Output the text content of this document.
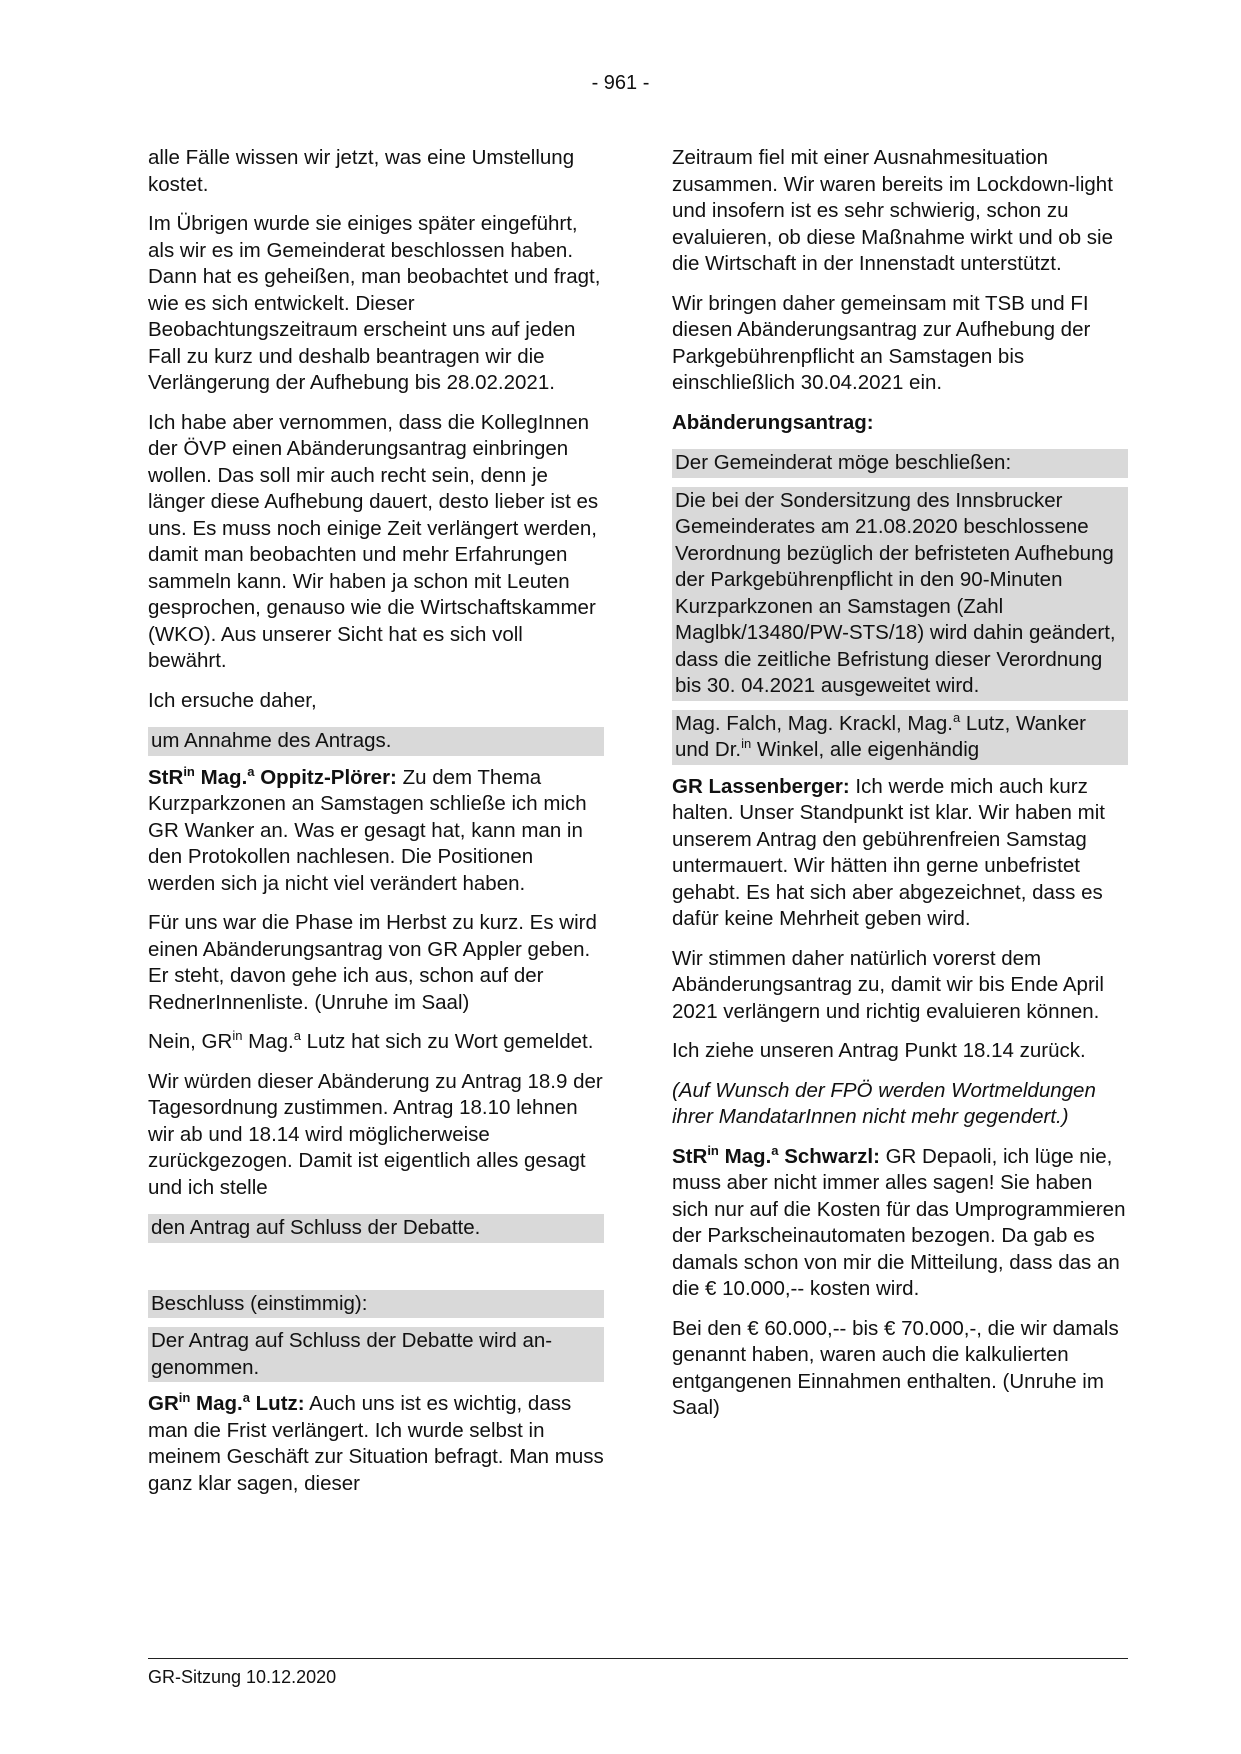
- 961 -

alle Fälle wissen wir jetzt, was eine Umstellung kostet.

Im Übrigen wurde sie einiges später eingeführt, als wir es im Gemeinderat beschlossen haben. Dann hat es geheißen, man beobachtet und fragt, wie es sich entwickelt. Dieser Beobachtungszeitraum erscheint uns auf jeden Fall zu kurz und deshalb beantragen wir die Verlängerung der Aufhebung bis 28.02.2021.

Ich habe aber vernommen, dass die KollegInnen der ÖVP einen Abänderungsantrag einbringen wollen. Das soll mir auch recht sein, denn je länger diese Aufhebung dauert, desto lieber ist es uns. Es muss noch einige Zeit verlängert werden, damit man beobachten und mehr Erfahrungen sammeln kann. Wir haben ja schon mit Leuten gesprochen, genauso wie die Wirtschaftskammer (WKO). Aus unserer Sicht hat es sich voll bewährt.

Ich ersuche daher,

um Annahme des Antrags.

StR$^{in}$ Mag.$^a$ Oppitz-Plörer: Zu dem Thema Kurzparkzonen an Samstagen schließe ich mich GR Wanker an. Was er gesagt hat, kann man in den Protokollen nachlesen. Die Positionen werden sich ja nicht viel verändert haben.

Für uns war die Phase im Herbst zu kurz. Es wird einen Abänderungsantrag von GR Appler geben. Er steht, davon gehe ich aus, schon auf der RednerInnenliste. (Unruhe im Saal)

Nein, $GR^{in}$ Mag.$^a$ Lutz hat sich zu Wort gemeldet.

Wir würden dieser Abänderung zu Antrag 18.9 der Tagesordnung zustimmen. Antrag 18.10 lehnen wir ab und 18.14 wird möglicherweise zurückgezogen. Damit ist eigentlich alles gesagt und ich stelle

den Antrag auf Schluss der Debatte.
Beschluss (einstimmig):
Der Antrag auf Schluss der Debatte wird angenommen.

$GR^{in}$ Mag.$^a$ Lutz: Auch uns ist es wichtig, dass man die Frist verlängert. Ich wurde selbst in meinem Geschäft zur Situation befragt. Man muss ganz klar sagen, dieser

Zeitraum fiel mit einer Ausnahmesituation zusammen. Wir waren bereits im Lockdown-light und insofern ist es sehr schwierig, schon zu evaluieren, ob diese Maßnahme wirkt und ob sie die Wirtschaft in der Innenstadt unterstützt.

Wir bringen daher gemeinsam mit TSB und FI diesen Abänderungsantrag zur Aufhebung der Parkgebührenpflicht an Samstagen bis einschließlich 30.04.2021 ein.

Abänderungsantrag:

Der Gemeinderat möge beschließen:
Die bei der Sondersitzung des Innsbrucker Gemeinderates am 21.08.2020 beschlossene Verordnung bezüglich der befristeten Aufhebung der Parkgebührenpflicht in den 90-Minuten Kurzparkzonen an Samstagen (Zahl Maglbk/13480/PW-STS/18) wird dahin geändert, dass die zeitliche Befristung dieser Verordnung bis 30. 04.2021 ausgeweitet wird.
Mag. Falch, Mag. Krackl, Mag.$^a$ Lutz, Wanker und Dr.$^{in}$ Winkel, alle eigenhändig

GR Lassenberger: Ich werde mich auch kurz halten. Unser Standpunkt ist klar. Wir haben mit unserem Antrag den gebührenfreien Samstag untermauert. Wir hätten ihn gerne unbefristet gehabt. Es hat sich aber abgezeichnet, dass es dafür keine Mehrheit geben wird.

Wir stimmen daher natürlich vorerst dem Abänderungsantrag zu, damit wir bis Ende April 2021 verlängern und richtig evaluieren können.

Ich ziehe unseren Antrag Punkt 18.14 zurück.

(Auf Wunsch der FPÖ werden Wortmeldungen ihrer MandatarInnen nicht mehr gegendert.)

StR$^{in}$ Mag.$^a$ Schwarzl: GR Depaoli, ich lüge nie, muss aber nicht immer alles sagen! Sie haben sich nur auf die Kosten für das Umprogrammieren der Parkscheinautomaten bezogen. Da gab es damals schon von mir die Mitteilung, dass das an die € 10.000,-- kosten wird.

Bei den € 60.000,-- bis € 70.000,-, die wir damals genannt haben, waren auch die kalkulierten entgangenen Einnahmen enthalten. (Unruhe im Saal)

GR-Sitzung 10.12.2020
